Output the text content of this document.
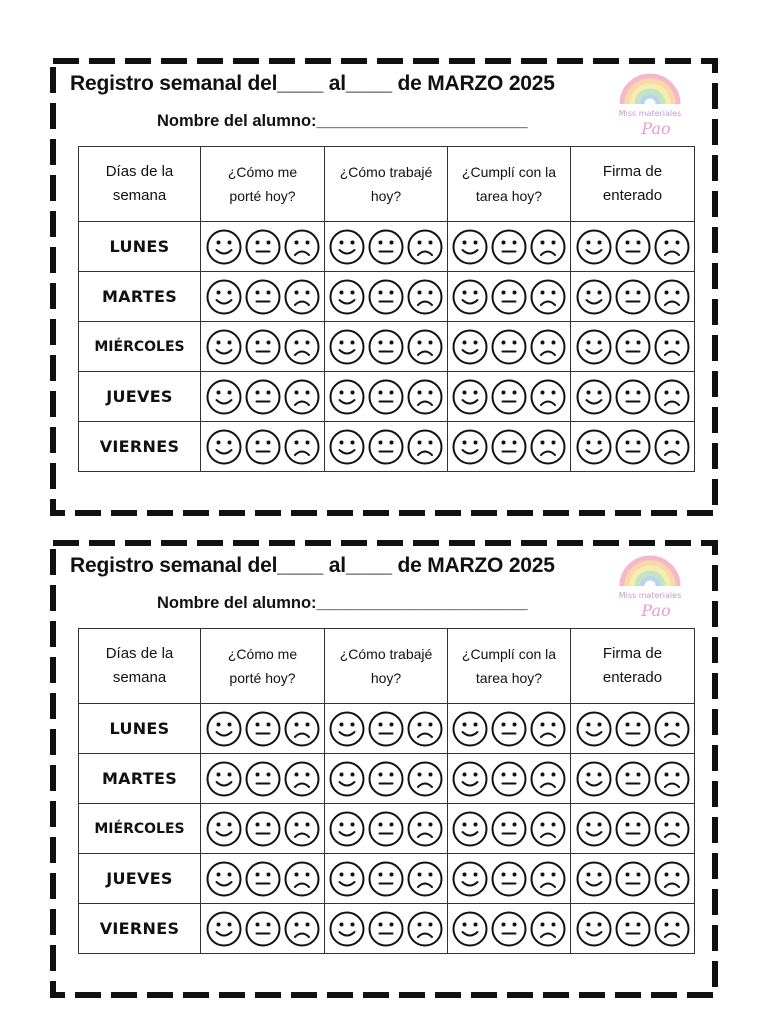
Registro semanal del____ al____ de MARZO 2025
Nombre del alumno:_______________________	Miss materiales
Pao
Días de la semana	¿Cómo me porté hoy?	¿Cómo trabajé hoy?	¿Cumplí con la tarea hoy?	Firma de enterado
LUNES	

MARTES	

MIÉRCOLES	

JUEVES	

VIERNES	

Registro semanal del____ al____ de MARZO 2025
Nombre del alumno:_______________________	Miss materiales
Pao
Días de la semana	¿Cómo me porté hoy?	¿Cómo trabajé hoy?	¿Cumplí con la tarea hoy?	Firma de enterado
LUNES	

MARTES	

MIÉRCOLES	

JUEVES	

VIERNES	
